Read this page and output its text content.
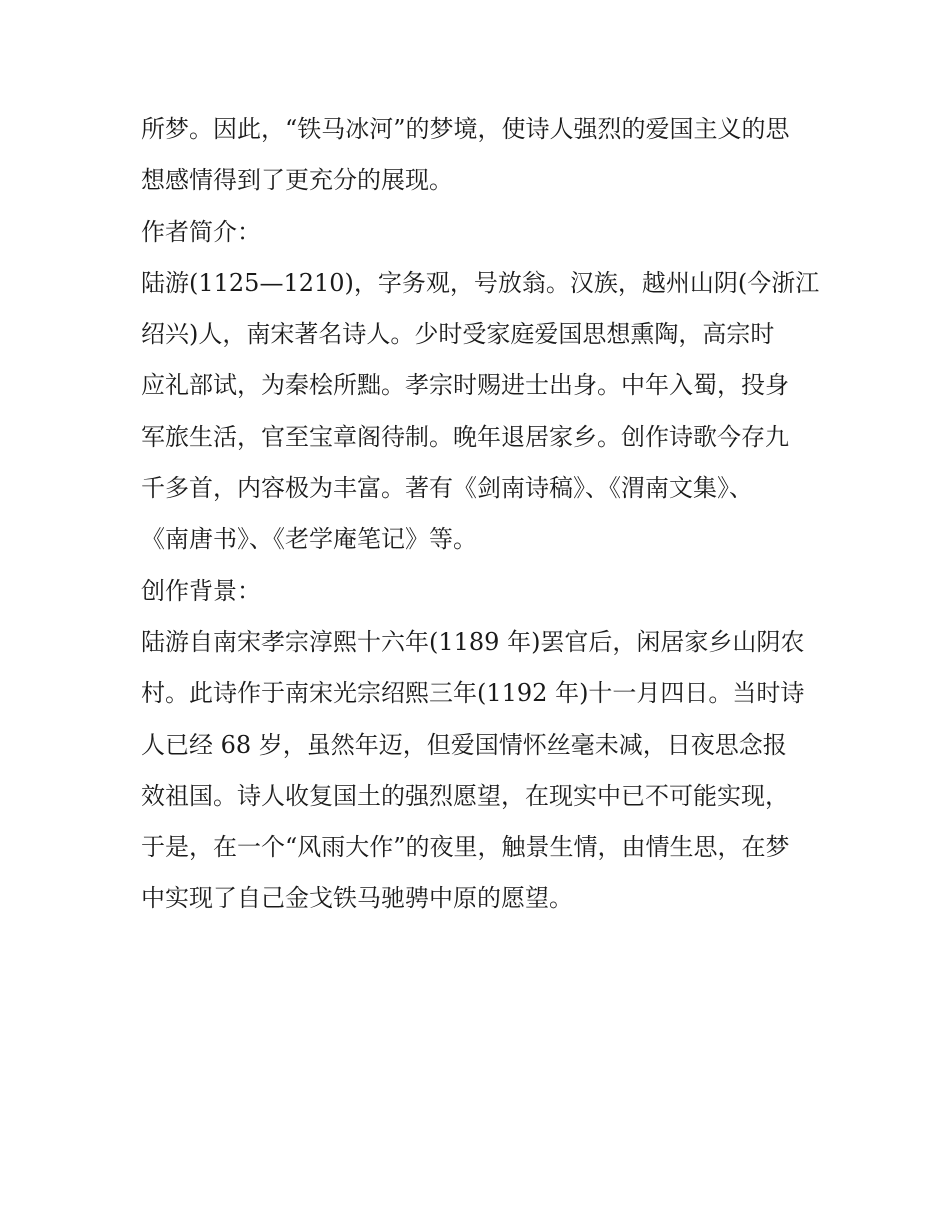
所梦。因此，“铁马冰河”的梦境，使诗人强烈的爱国主义的思

想感情得到了更充分的展现。

作者简介：

陆游(1125—1210)，字务观，号放翁。汉族，越州山阴(今浙江

绍兴)人，南宋著名诗人。少时受家庭爱国思想熏陶，高宗时

应礼部试，为秦桧所黜。孝宗时赐进士出身。中年入蜀，投身

军旅生活，官至宝章阁待制。晚年退居家乡。创作诗歌今存九

千多首，内容极为丰富。著有《剑南诗稿》、《渭南文集》、

《南唐书》、《老学庵笔记》等。

创作背景：

陆游自南宋孝宗淳熙十六年(1189 年)罢官后，闲居家乡山阴农

村。此诗作于南宋光宗绍熙三年(1192 年)十一月四日。当时诗

人已经 68 岁，虽然年迈，但爱国情怀丝毫未减，日夜思念报

效祖国。诗人收复国土的强烈愿望，在现实中已不可能实现，

于是，在一个“风雨大作”的夜里，触景生情，由情生思，在梦

中实现了自己金戈铁马驰骋中原的愿望。
